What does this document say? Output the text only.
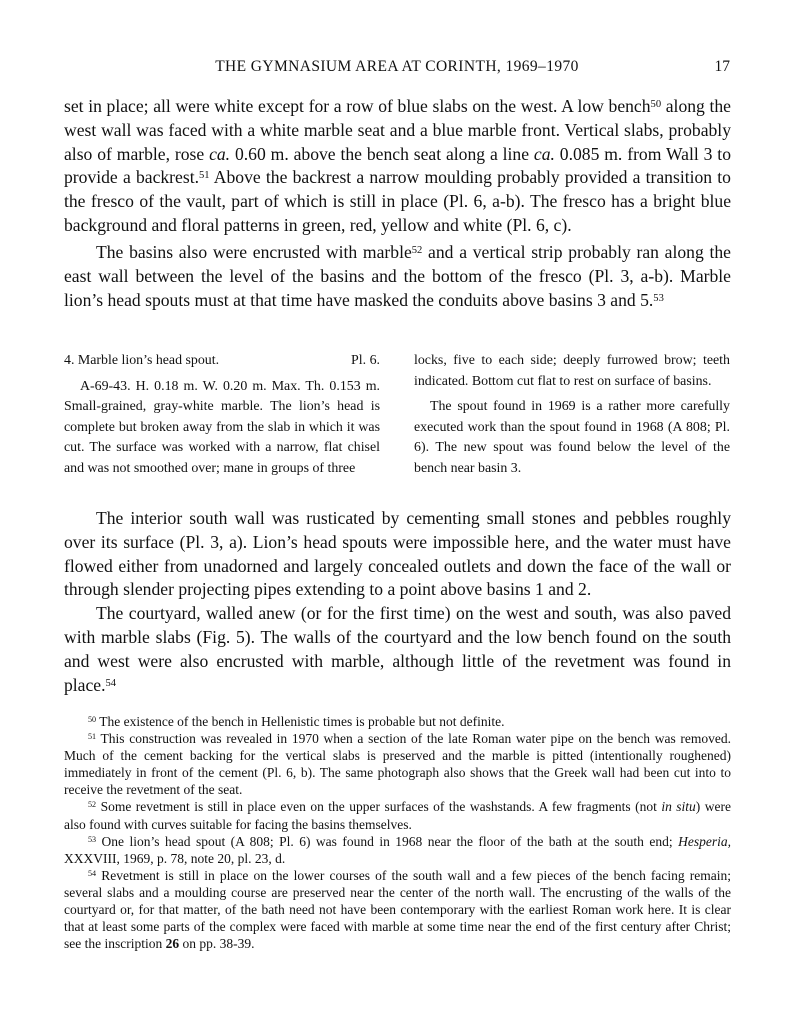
THE GYMNASIUM AREA AT CORINTH, 1969–1970	17

set in place; all were white except for a row of blue slabs on the west. A low bench$^{50}$ along the west wall was faced with a white marble seat and a blue marble front. Vertical slabs, probably also of marble, rose ca. 0.60 m. above the bench seat along a line ca. 0.085 m. from Wall 3 to provide a backrest.$^{51}$ Above the backrest a narrow moulding probably provided a transition to the fresco of the vault, part of which is still in place (Pl. 6, a-b). The fresco has a bright blue background and floral patterns in green, red, yellow and white (Pl. 6, c).

The basins also were encrusted with marble$^{52}$ and a vertical strip probably ran along the east wall between the level of the basins and the bottom of the fresco (Pl. 3, a-b). Marble lion’s head spouts must at that time have masked the conduits above basins 3 and 5.53

4. Marble lion’s head spout.	Pl. 6.

A-69-43. H. 0.18 m. W. 0.20 m. Max. Th. 0.153 m. Small-grained, gray-white marble. The lion’s head is complete but broken away from the slab in which it was cut. The surface was worked with a narrow, flat chisel and was not smoothed over; mane in groups of three

locks, five to each side; deeply furrowed brow; teeth indicated. Bottom cut flat to rest on surface of basins.

The spout found in 1969 is a rather more carefully executed work than the spout found in 1968 (A 808; Pl. 6). The new spout was found below the level of the bench near basin 3.

The interior south wall was rusticated by cementing small stones and pebbles roughly over its surface (Pl. 3, a). Lion’s head spouts were impossible here, and the water must have flowed either from unadorned and largely concealed outlets and down the face of the wall or through slender projecting pipes extending to a point above basins 1 and 2.

The courtyard, walled anew (or for the first time) on the west and south, was also paved with marble slabs (Fig. 5). The walls of the courtyard and the low bench found on the south and west were also encrusted with marble, although little of the revetment was found in place.$^{54}$

$^{50}$ The existence of the bench in Hellenistic times is probable but not definite.

$^{51}$ This construction was revealed in 1970 when a section of the late Roman water pipe on the bench was removed. Much of the cement backing for the vertical slabs is preserved and the marble is pitted (intentionally roughened) immediately in front of the cement (Pl. 6, b). The same photograph also shows that the Greek wall had been cut into to receive the revetment of the seat.

$^{52}$ Some revetment is still in place even on the upper surfaces of the washstands. A few fragments (not in situ) were also found with curves suitable for facing the basins themselves.

$^{53}$ One lion’s head spout (A 808; Pl. 6) was found in 1968 near the floor of the bath at the south end; Hesperia, XXXVIII, 1969, p. 78, note 20, pl. 23, d.

$^{54}$ Revetment is still in place on the lower courses of the south wall and a few pieces of the bench facing remain; several slabs and a moulding course are preserved near the center of the north wall. The encrusting of the walls of the courtyard or, for that matter, of the bath need not have been contemporary with the earliest Roman work here. It is clear that at least some parts of the complex were faced with marble at some time near the end of the first century after Christ; see the inscription 26 on pp. 38-39.
